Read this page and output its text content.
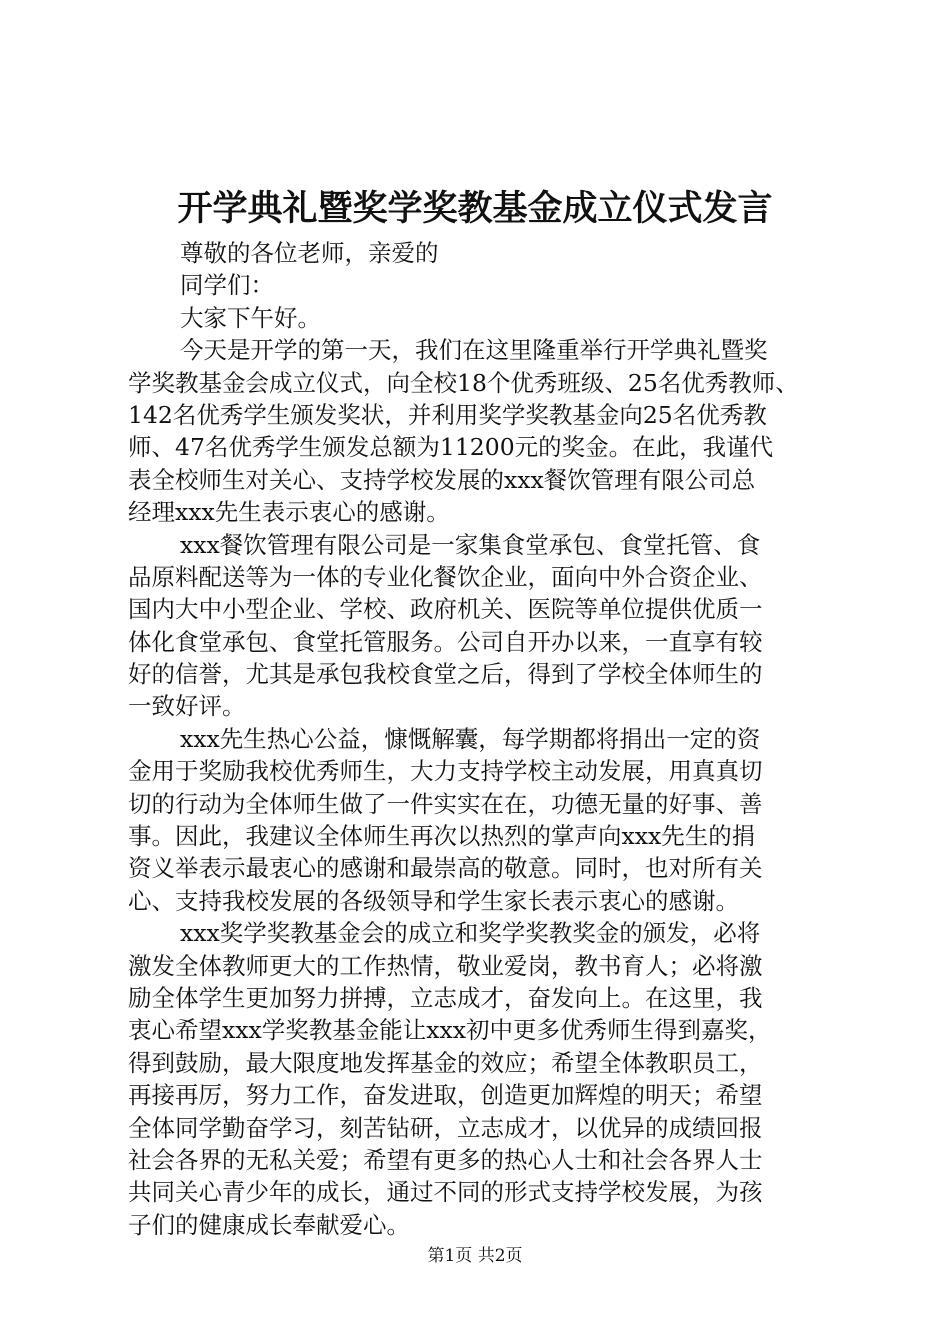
开学典礼暨奖学奖教基金成立仪式发言
尊敬的各位老师，亲爱的
同学们：
大家下午好。
今天是开学的第一天，我们在这里隆重举行开学典礼暨奖
学奖教基金会成立仪式，向全校18个优秀班级、25名优秀教师、
142名优秀学生颁发奖状，并利用奖学奖教基金向25名优秀教
师、47名优秀学生颁发总额为11200元的奖金。在此，我谨代
表全校师生对关心、支持学校发展的xxx餐饮管理有限公司总
经理xxx先生表示衷心的感谢。
xxx餐饮管理有限公司是一家集食堂承包、食堂托管、食
品原料配送等为一体的专业化餐饮企业，面向中外合资企业、
国内大中小型企业、学校、政府机关、医院等单位提供优质一
体化食堂承包、食堂托管服务。公司自开办以来，一直享有较
好的信誉，尤其是承包我校食堂之后，得到了学校全体师生的
一致好评。
xxx先生热心公益，慷慨解囊，每学期都将捐出一定的资
金用于奖励我校优秀师生，大力支持学校主动发展，用真真切
切的行动为全体师生做了一件实实在在，功德无量的好事、善
事。因此，我建议全体师生再次以热烈的掌声向xxx先生的捐
资义举表示最衷心的感谢和最崇高的敬意。同时，也对所有关
心、支持我校发展的各级领导和学生家长表示衷心的感谢。
xxx奖学奖教基金会的成立和奖学奖教奖金的颁发，必将
激发全体教师更大的工作热情，敬业爱岗，教书育人；必将激
励全体学生更加努力拼搏，立志成才，奋发向上。在这里，我
衷心希望xxx学奖教基金能让xxx初中更多优秀师生得到嘉奖，
得到鼓励，最大限度地发挥基金的效应；希望全体教职员工，
再接再厉，努力工作，奋发进取，创造更加辉煌的明天；希望
全体同学勤奋学习，刻苦钻研，立志成才，以优异的成绩回报
社会各界的无私关爱；希望有更多的热心人士和社会各界人士
共同关心青少年的成长，通过不同的形式支持学校发展，为孩
子们的健康成长奉献爱心。
第1页 共2页
